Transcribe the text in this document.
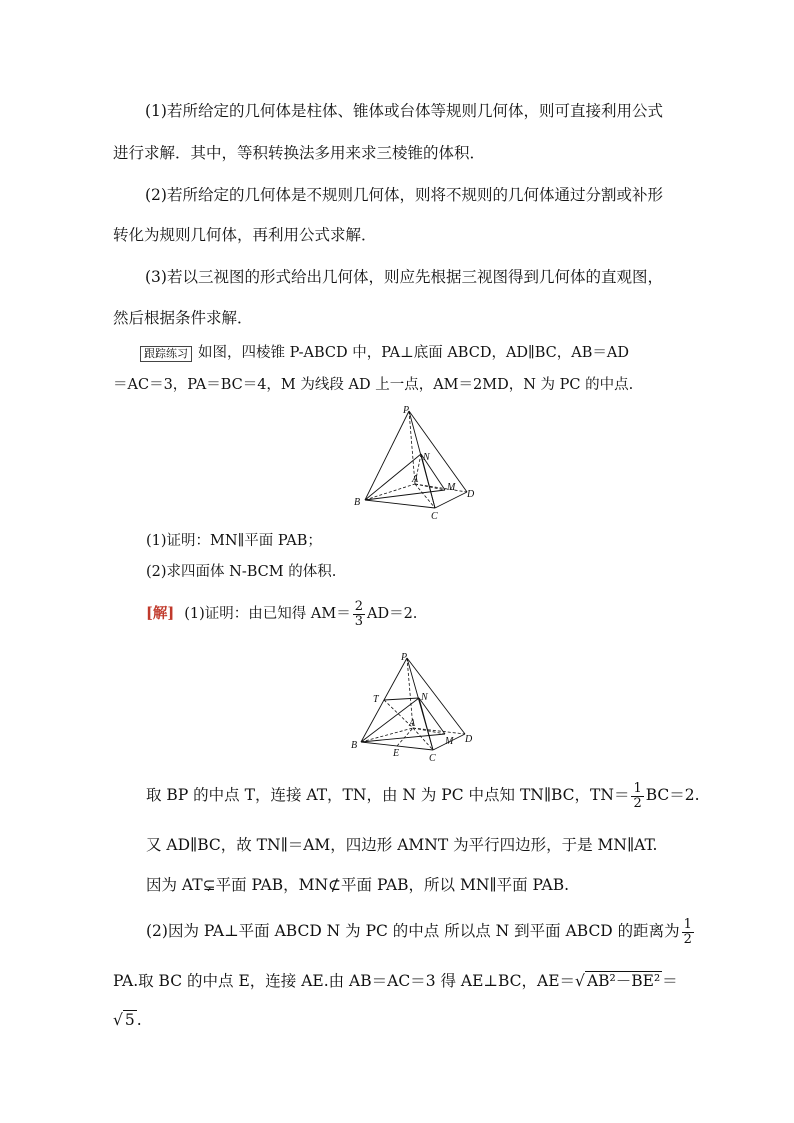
(1)若所给定的几何体是柱体、锥体或台体等规则几何体，则可直接利用公式
进行求解．其中，等积转换法多用来求三棱锥的体积．
(2)若所给定的几何体是不规则几何体，则将不规则的几何体通过分割或补形
转化为规则几何体，再利用公式求解．
(3)若以三视图的形式给出几何体，则应先根据三视图得到几何体的直观图，
然后根据条件求解．
跟踪练习 如图，四棱锥 P-ABCD 中，PA⊥底面 ABCD，AD∥BC，AB＝AD
＝AC＝3，PA＝BC＝4，M 为线段 AD 上一点，AM＝2MD，N 为 PC 的中点.
P
N
A
M
D
B
C
(1)证明：MN∥平面 PAB；
(2)求四面体 N-BCM 的体积.
[解] (1)证明：由已知得 $AM= \frac{2}{3} AD=2$.
P
T	N
A
M D
B
C
E
取 BP 的中点 T，连接 AT，TN，由 N 为 PC 中点知 TN∥BC，$TN= \frac{1}{2} BC=2$.
又 AD∥BC，故 TN∥＝AM，四边形 AMNT 为平行四边形，于是 MN∥AT.
因为 AT⊊平面 PAB，MN⊄平面 PAB，所以 MN∥平面 PAB.
(2)因为 PA⊥平面 ABCD N 为 PC 的中点 所以点 N 到平面 ABCD 的距离为 $\frac{1}{2}$
PA.取 BC 的中点 E，连接 AE.由 AB＝AC＝3 得 AE⊥BC，AE＝√ AB²－BE² ＝
√ 5 .
